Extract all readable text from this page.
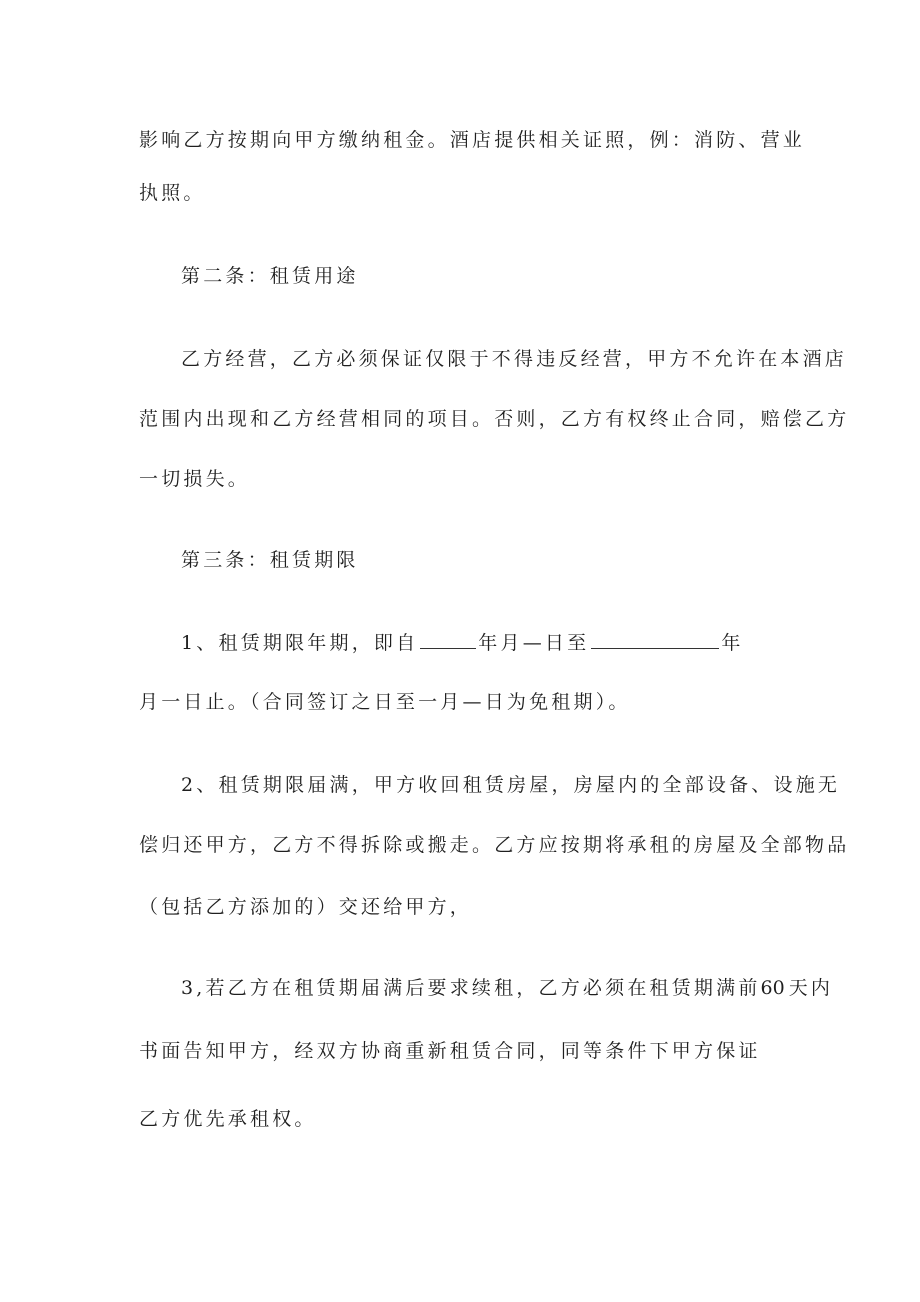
影响乙方按期向甲方缴纳租金。酒店提供相关证照，例：消防、营业
执照。
第二条：租赁用途
乙方经营，乙方必须保证仅限于不得违反经营，甲方不允许在本酒店
范围内出现和乙方经营相同的项目。否则，乙方有权终止合同，赔偿乙方
一切损失。
第三条：租赁期限
1、租赁期限年期，即自	年月—日至	年
月一日止。（合同签订之日至一月—日为免租期）。
2、租赁期限届满，甲方收回租赁房屋，房屋内的全部设备、设施无
偿归还甲方，乙方不得拆除或搬走。乙方应按期将承租的房屋及全部物品
（包括乙方添加的）交还给甲方，
3,若乙方在租赁期届满后要求续租，乙方必须在租赁期满前60 天内
书面告知甲方，经双方协商重新租赁合同，同等条件下甲方保证
乙方优先承租权。
